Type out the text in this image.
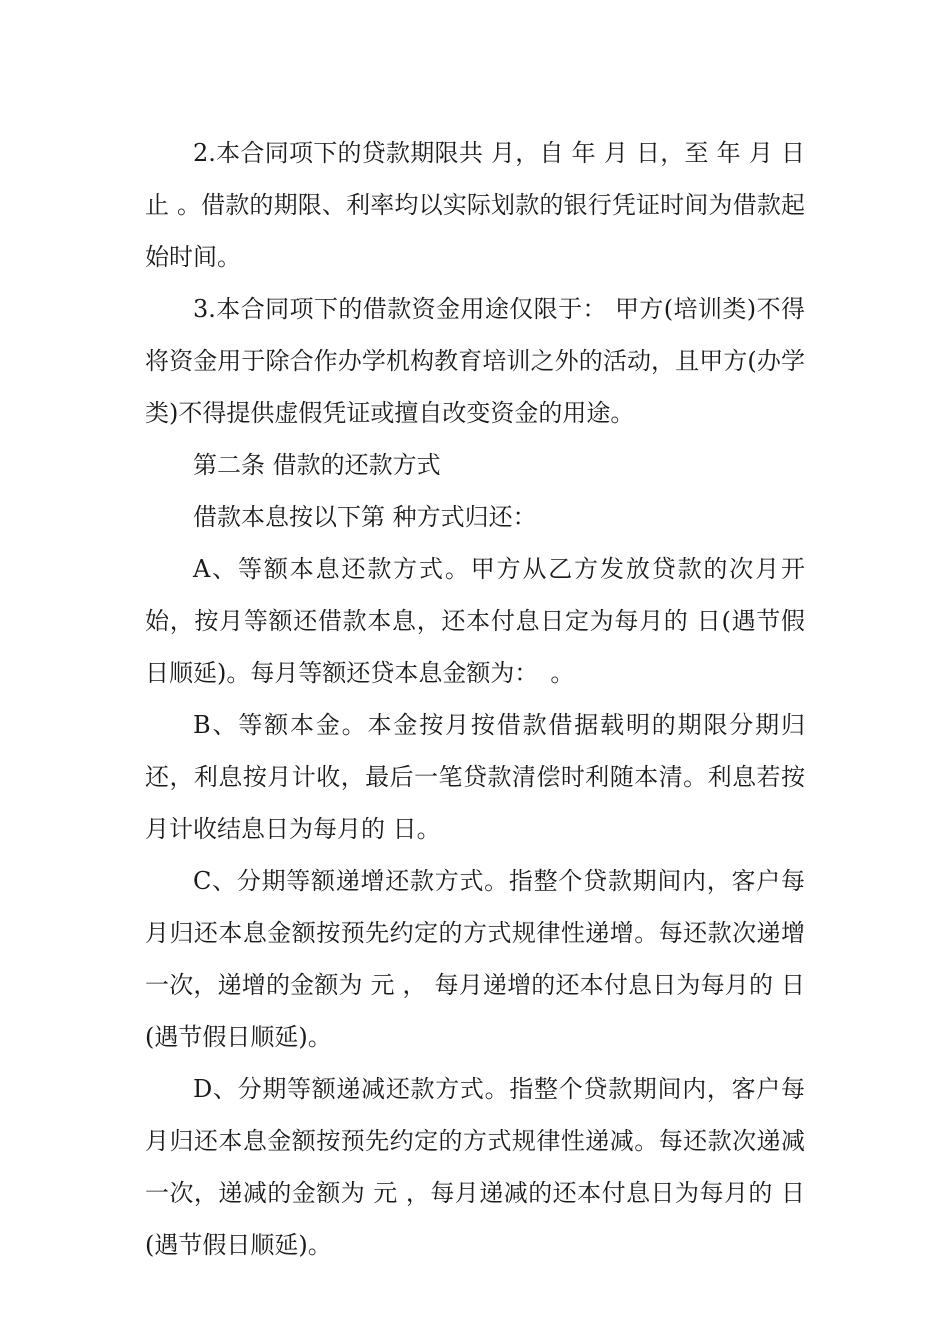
2.本合同项下的贷款期限共 月，自 年 月 日，至 年 月 日止 。借款的期限、利率均以实际划款的银行凭证时间为借款起始时间。

3.本合同项下的借款资金用途仅限于： 甲方(培训类)不得将资金用于除合作办学机构教育培训之外的活动，且甲方(办学类)不得提供虚假凭证或擅自改变资金的用途。

第二条 借款的还款方式

借款本息按以下第 种方式归还：

A、等额本息还款方式。甲方从乙方发放贷款的次月开始，按月等额还借款本息，还本付息日定为每月的 日(遇节假日顺延)。每月等额还贷本息金额为：　。

B、等额本金。本金按月按借款借据载明的期限分期归还，利息按月计收，最后一笔贷款清偿时利随本清。利息若按月计收结息日为每月的 日。

C、分期等额递增还款方式。指整个贷款期间内，客户每月归还本息金额按预先约定的方式规律性递增。每还款次递增一次，递增的金额为 元 ， 每月递增的还本付息日为每月的 日(遇节假日顺延)。

D、分期等额递减还款方式。指整个贷款期间内，客户每月归还本息金额按预先约定的方式规律性递减。每还款次递减一次，递减的金额为 元 ，每月递减的还本付息日为每月的 日(遇节假日顺延)。
